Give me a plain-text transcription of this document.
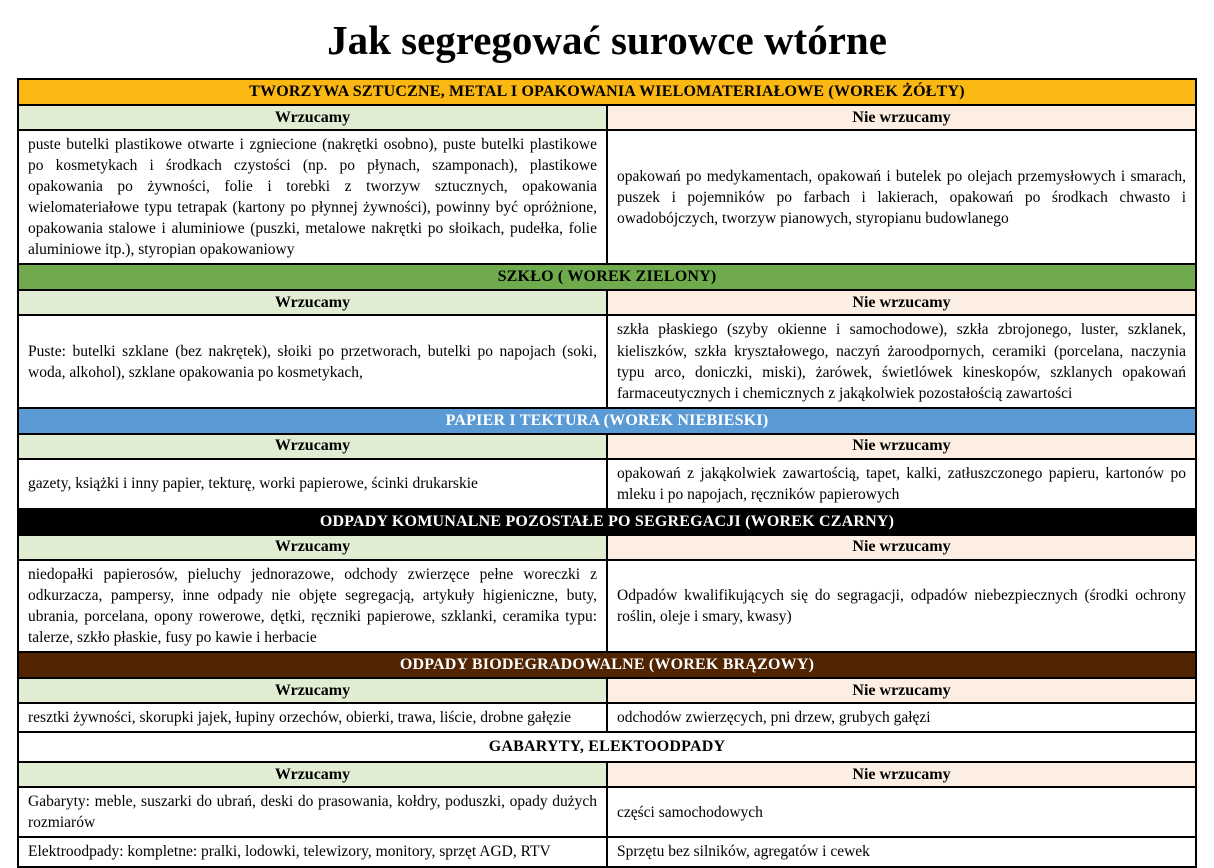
Jak segregować surowce wtórne
TWORZYWA SZTUCZNE, METAL I OPAKOWANIA WIELOMATERIAŁOWE (WOREK ŻÓŁTY)
Wrzucamy	Nie wrzucamy
puste butelki plastikowe otwarte i zgniecione (nakrętki osobno), puste butelki plastikowe po kosmetykach i środkach czystości (np. po płynach, szamponach), plastikowe opakowania po żywności, folie i torebki z tworzyw sztucznych, opakowania wielomateriałowe typu tetrapak (kartony po płynnej żywności), powinny być opróżnione, opakowania stalowe i aluminiowe (puszki, metalowe nakrętki po słoikach, pudełka, folie aluminiowe itp.), styropian opakowaniowy	opakowań po medykamentach, opakowań i butelek po olejach przemysłowych i smarach, puszek i pojemników po farbach i lakierach, opakowań po środkach chwasto i owadobójczych, tworzyw pianowych, styropianu budowlanego
SZKŁO ( WOREK ZIELONY)
Wrzucamy	Nie wrzucamy
Puste: butelki szklane (bez nakrętek), słoiki po przetworach, butelki po napojach (soki, woda, alkohol), szklane opakowania po kosmetykach,	szkła płaskiego (szyby okienne i samochodowe), szkła zbrojonego, luster, szklanek, kieliszków, szkła kryształowego, naczyń żaroodpornych, ceramiki (porcelana, naczynia typu arco, doniczki, miski), żarówek, świetlówek kineskopów, szklanych opakowań farmaceutycznych i chemicznych z jakąkolwiek pozostałością zawartości
PAPIER I TEKTURA (WOREK NIEBIESKI)
Wrzucamy	Nie wrzucamy
gazety, książki i inny papier, tekturę, worki papierowe, ścinki drukarskie	opakowań z jakąkolwiek zawartością, tapet, kalki, zatłuszczonego papieru, kartonów po mleku i po napojach, ręczników papierowych
ODPADY KOMUNALNE POZOSTAŁE PO SEGREGACJI (WOREK CZARNY)
Wrzucamy	Nie wrzucamy
niedopałki papierosów, pieluchy jednorazowe, odchody zwierzęce pełne woreczki z odkurzacza, pampersy, inne odpady nie objęte segregacją, artykuły higieniczne, buty, ubrania, porcelana, opony rowerowe, dętki, ręczniki papierowe, szklanki, ceramika typu: talerze, szkło płaskie, fusy po kawie i herbacie	Odpadów kwalifikujących się do segragacji, odpadów niebezpiecznych (środki ochrony roślin, oleje i smary, kwasy)
ODPADY BIODEGRADOWALNE (WOREK BRĄZOWY)
Wrzucamy	Nie wrzucamy
resztki żywności, skorupki jajek, łupiny orzechów, obierki, trawa, liście, drobne gałęzie	odchodów zwierzęcych, pni drzew, grubych gałęzi
GABARYTY, ELEKTOODPADY
Wrzucamy	Nie wrzucamy
Gabaryty: meble, suszarki do ubrań, deski do prasowania, kołdry, poduszki, opady dużych rozmiarów	części samochodowych
Elektroodpady: kompletne: pralki, lodowki, telewizory, monitory, sprzęt AGD, RTV	Sprzętu bez silników, agregatów i cewek
